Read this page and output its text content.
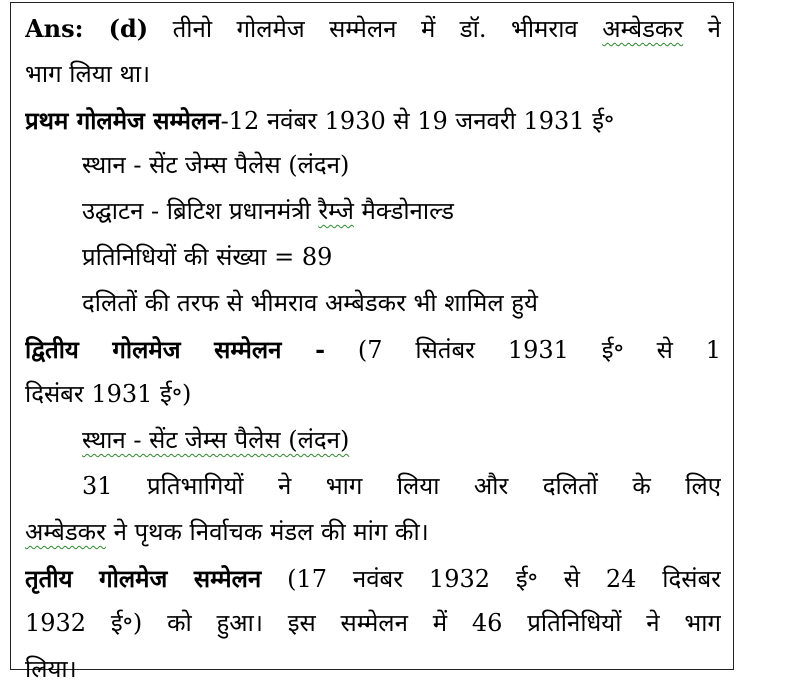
Ans: (d) तीनो गोलमेज सम्मेलन में डॉ. भीमराव अम्बेडकर ने
भाग लिया था।
प्रथम गोलमेज सम्मेलन-12 नवंबर 1930 से 19 जनवरी 1931 ई॰
स्थान - सेंट जेम्स पैलेस (लंदन)
उद्घाटन - ब्रिटिश प्रधानमंत्री रैम्जे मैक्डोनाल्ड
प्रतिनिधियों की संख्या = 89
दलितों की तरफ से भीमराव अम्बेडकर भी शामिल हुये
द्वितीय गोलमेज सम्मेलन - (7 सितंबर 1931 ई॰ से 1
दिसंबर 1931 ई॰)
स्थान - सेंट जेम्स पैलेस (लंदन)
31 प्रतिभागियों ने भाग लिया और दलितों के लिए
अम्बेडकर ने पृथक निर्वाचक मंडल की मांग की।
तृतीय गोलमेज सम्मेलन (17 नवंबर 1932 ई॰ से 24 दिसंबर
1932 ई॰) को हुआ। इस सम्मेलन में 46 प्रतिनिधियों ने भाग
लिया।
